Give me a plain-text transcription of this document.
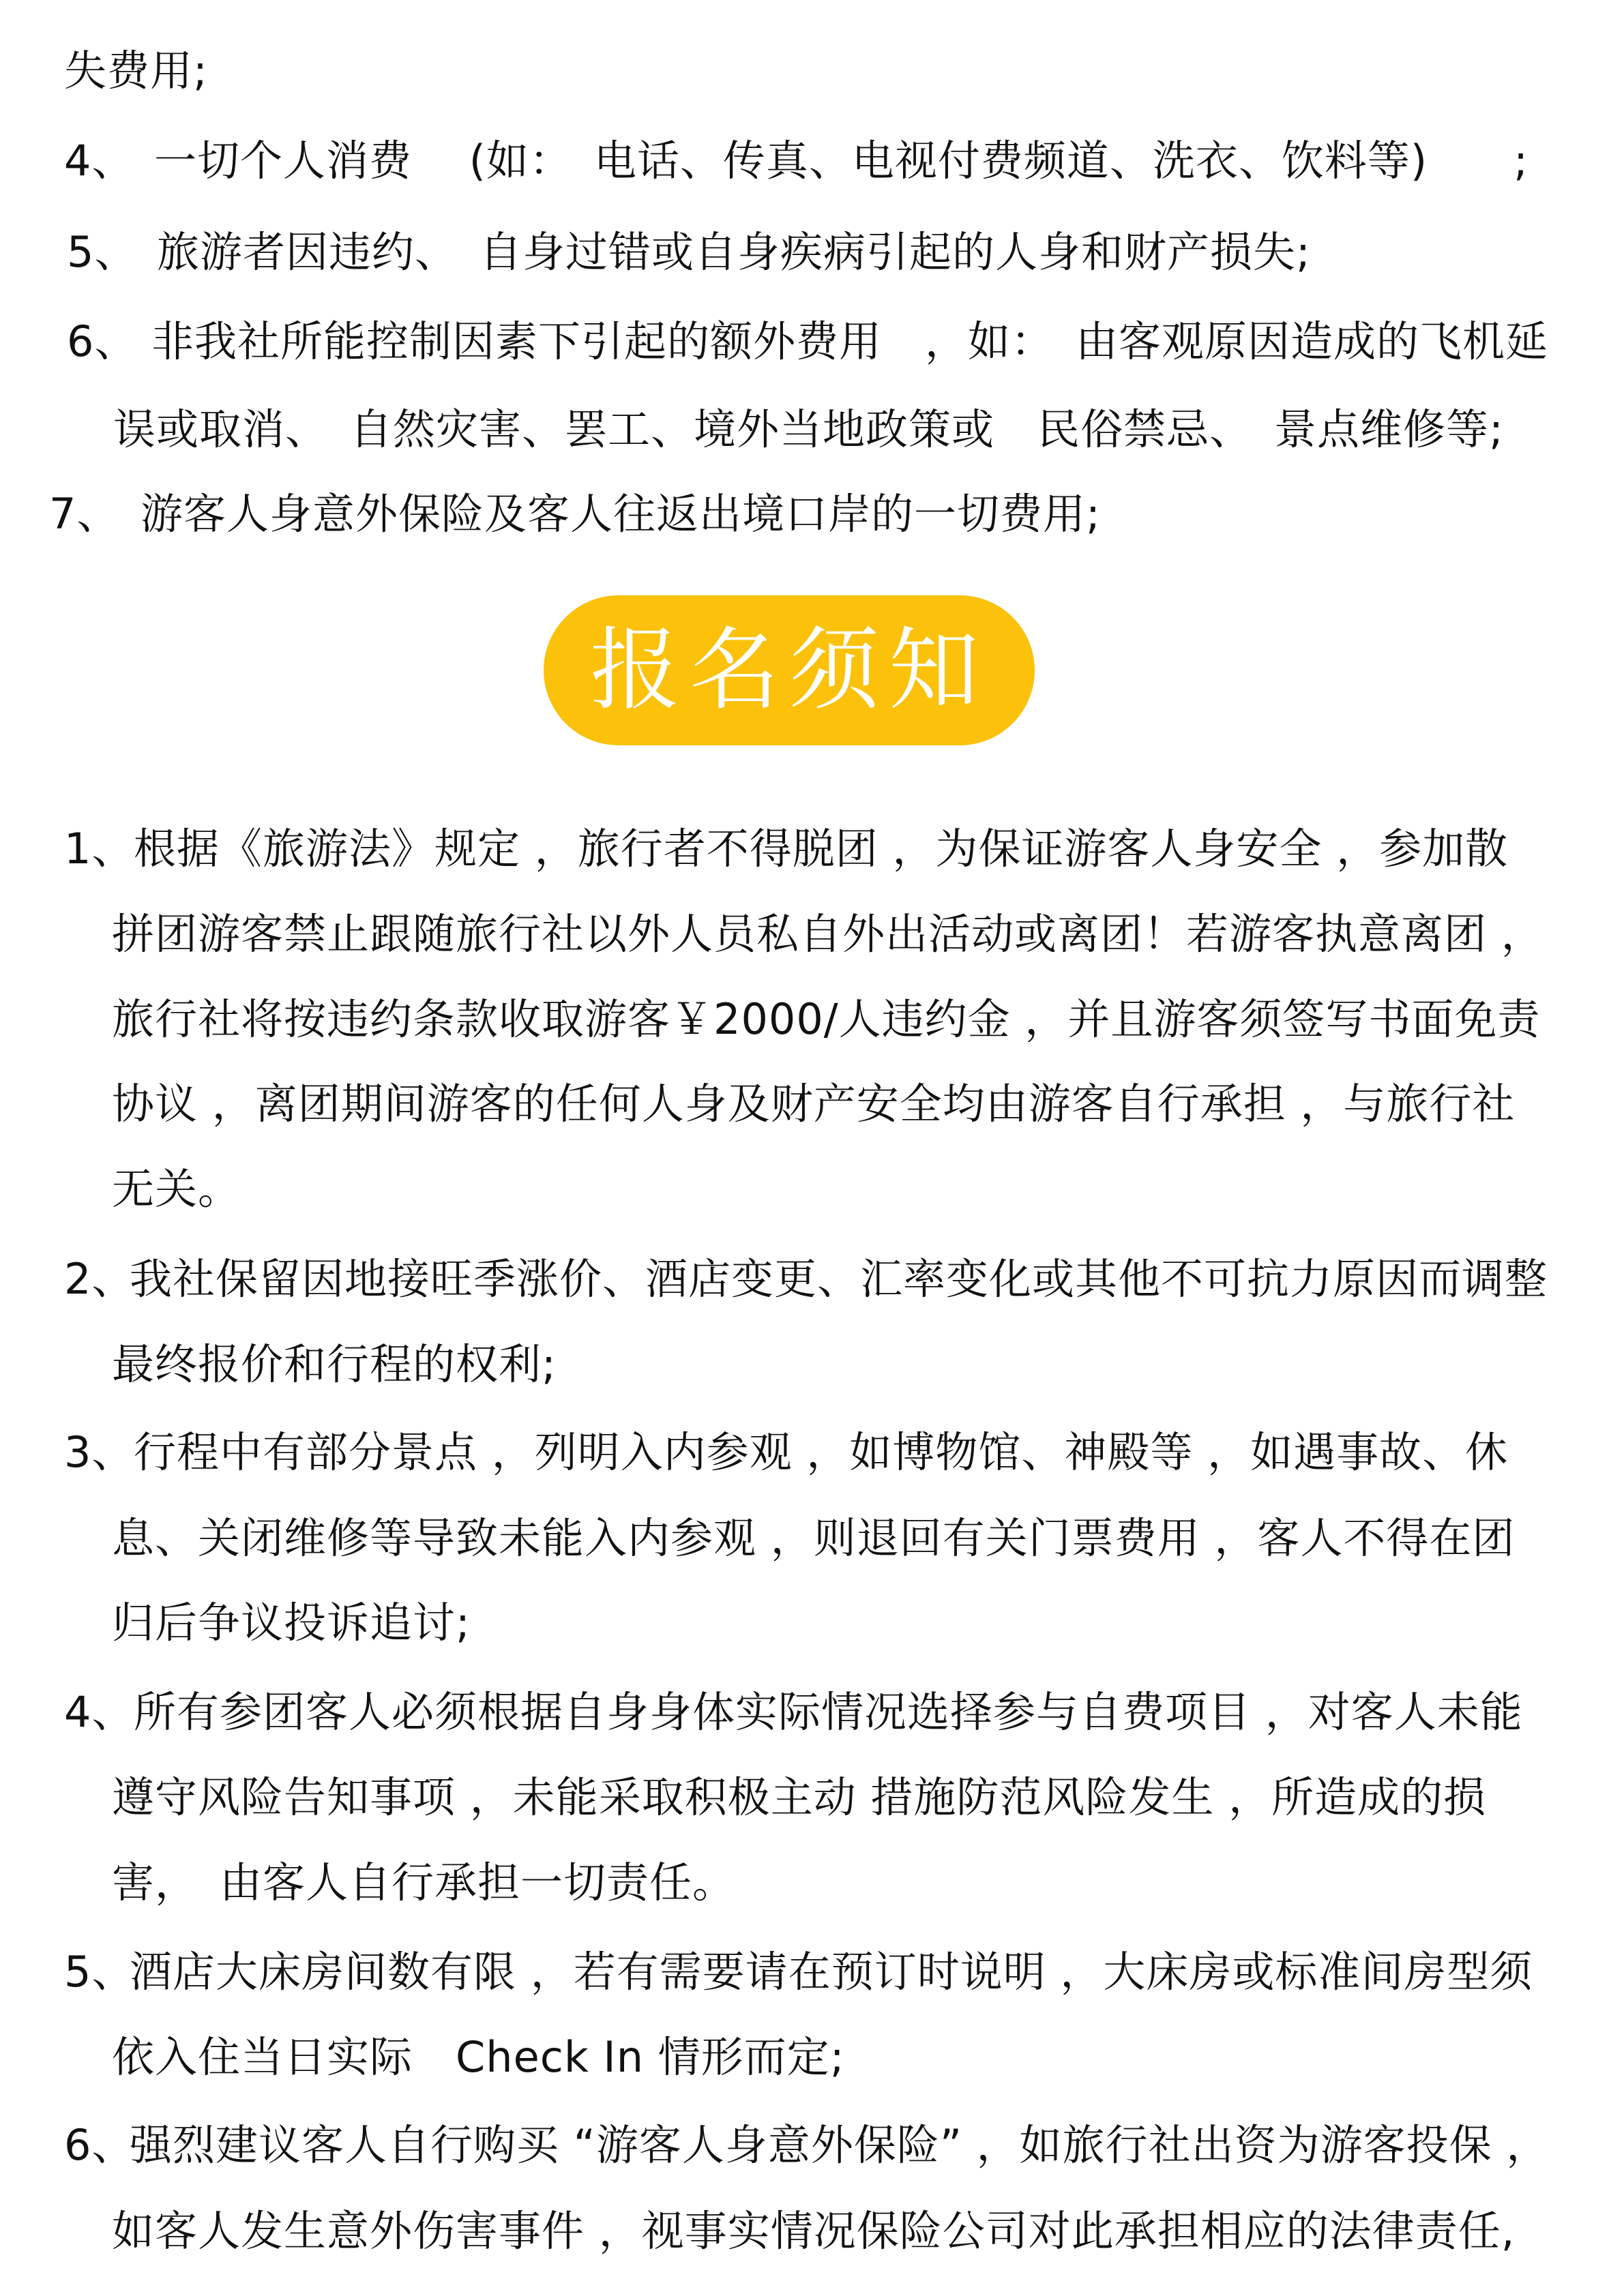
失费用;
4、 一切个人消费　 (如：　电话、传真、电视付费频道、洗衣、饮料等)　　;
5、 旅游者因违约、　自身过错或自身疾病引起的人身和财产损失;
6、 非我社所能控制因素下引起的额外费用　，如：　由客观原因造成的飞机延
误或取消、　自然灾害、罢工、境外当地政策或　民俗禁忌、　景点维修等;
7、 游客人身意外保险及客人往返出境口岸的一切费用;
报名须知
1、
根据《旅游法》规定 ，旅行者不得脱团 ，为保证游客人身安全 ，参加散
拼团游客禁止跟随旅行社以外人员私自外出活动或离团！若游客执意离团 ，
旅行社将按违约条款收取游客￥2000/人违约金 ，并且游客须签写书面免责
协议 ，离团期间游客的任何人身及财产安全均由游客自行承担 ，与旅行社
无关。
2、
我社保留因地接旺季涨价、酒店变更、汇率变化或其他不可抗力原因而调整
最终报价和行程的权利;
3、
行程中有部分景点 ，列明入内参观 ，如博物馆、神殿等 ，如遇事故、休
息、关闭维修等导致未能入内参观 ，则退回有关门票费用 ，客人不得在团
归后争议投诉追讨;
4、
所有参团客人必须根据自身身体实际情况选择参与自费项目 ，对客人未能
遵守风险告知事项 ，未能采取积极主动 措施防范风险发生 ，所造成的损
害，　由客人自行承担一切责任。
5、
酒店大床房间数有限 ，若有需要请在预订时说明 ，大床房或标准间房型须
依入住当日实际　Check In 情形而定;
6、
强烈建议客人自行购买 “游客人身意外保险” ，如旅行社出资为游客投保 ，
如客人发生意外伤害事件 ，视事实情况保险公司对此承担相应的法律责任,
